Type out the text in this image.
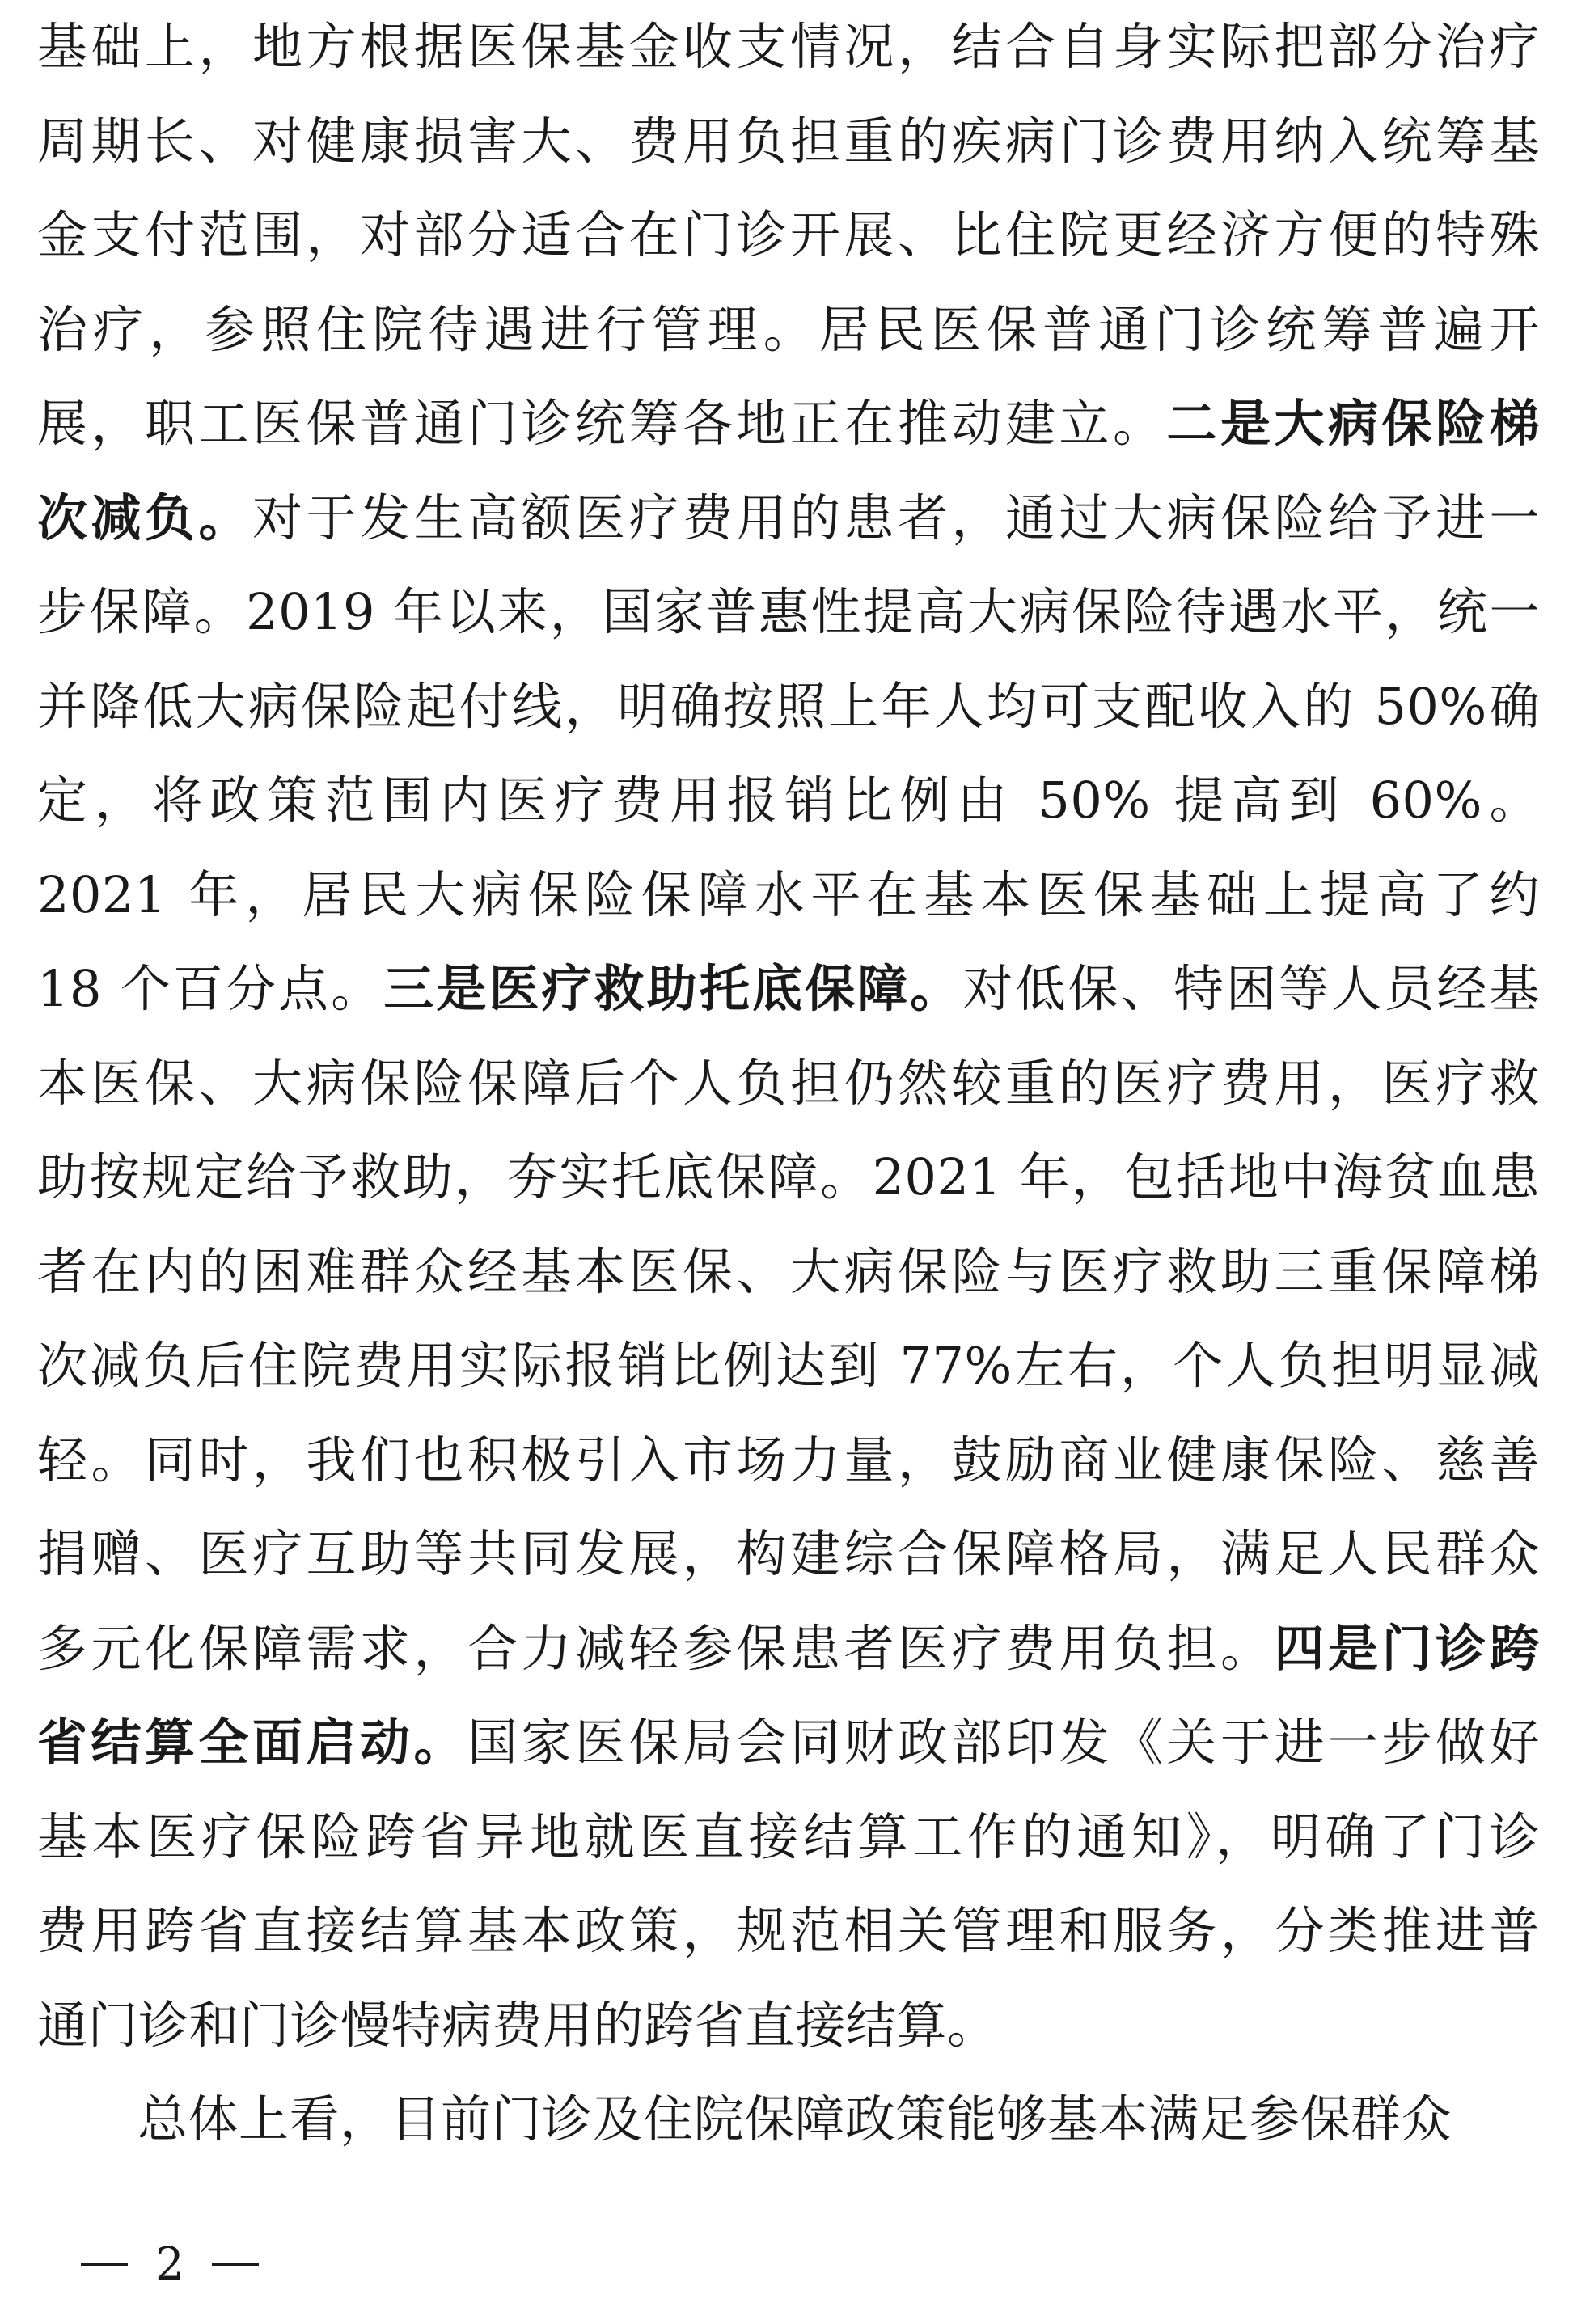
基础上，地方根据医保基金收支情况，结合自身实际把部分治疗
周期长、对健康损害大、费用负担重的疾病门诊费用纳入统筹基
金支付范围，对部分适合在门诊开展、比住院更经济方便的特殊
治疗，参照住院待遇进行管理。居民医保普通门诊统筹普遍开
展，职工医保普通门诊统筹各地正在推动建立。二是大病保险梯
次减负。对于发生高额医疗费用的患者，通过大病保险给予进一
步保障。2019 年以来，国家普惠性提高大病保险待遇水平，统一
并降低大病保险起付线，明确按照上年人均可支配收入的 50%确
定，将政策范围内医疗费用报销比例由 50% 提高到 60%。
2021 年，居民大病保险保障水平在基本医保基础上提高了约
18 个百分点。三是医疗救助托底保障。对低保、特困等人员经基
本医保、大病保险保障后个人负担仍然较重的医疗费用，医疗救
助按规定给予救助，夯实托底保障。2021 年，包括地中海贫血患
者在内的困难群众经基本医保、大病保险与医疗救助三重保障梯
次减负后住院费用实际报销比例达到 77%左右，个人负担明显减
轻。同时，我们也积极引入市场力量，鼓励商业健康保险、慈善
捐赠、医疗互助等共同发展，构建综合保障格局，满足人民群众
多元化保障需求，合力减轻参保患者医疗费用负担。四是门诊跨
省结算全面启动。国家医保局会同财政部印发《关于进一步做好
基本医疗保险跨省异地就医直接结算工作的通知》，明确了门诊
费用跨省直接结算基本政策，规范相关管理和服务，分类推进普
通门诊和门诊慢特病费用的跨省直接结算。
总体上看，目前门诊及住院保障政策能够基本满足参保群众
2
